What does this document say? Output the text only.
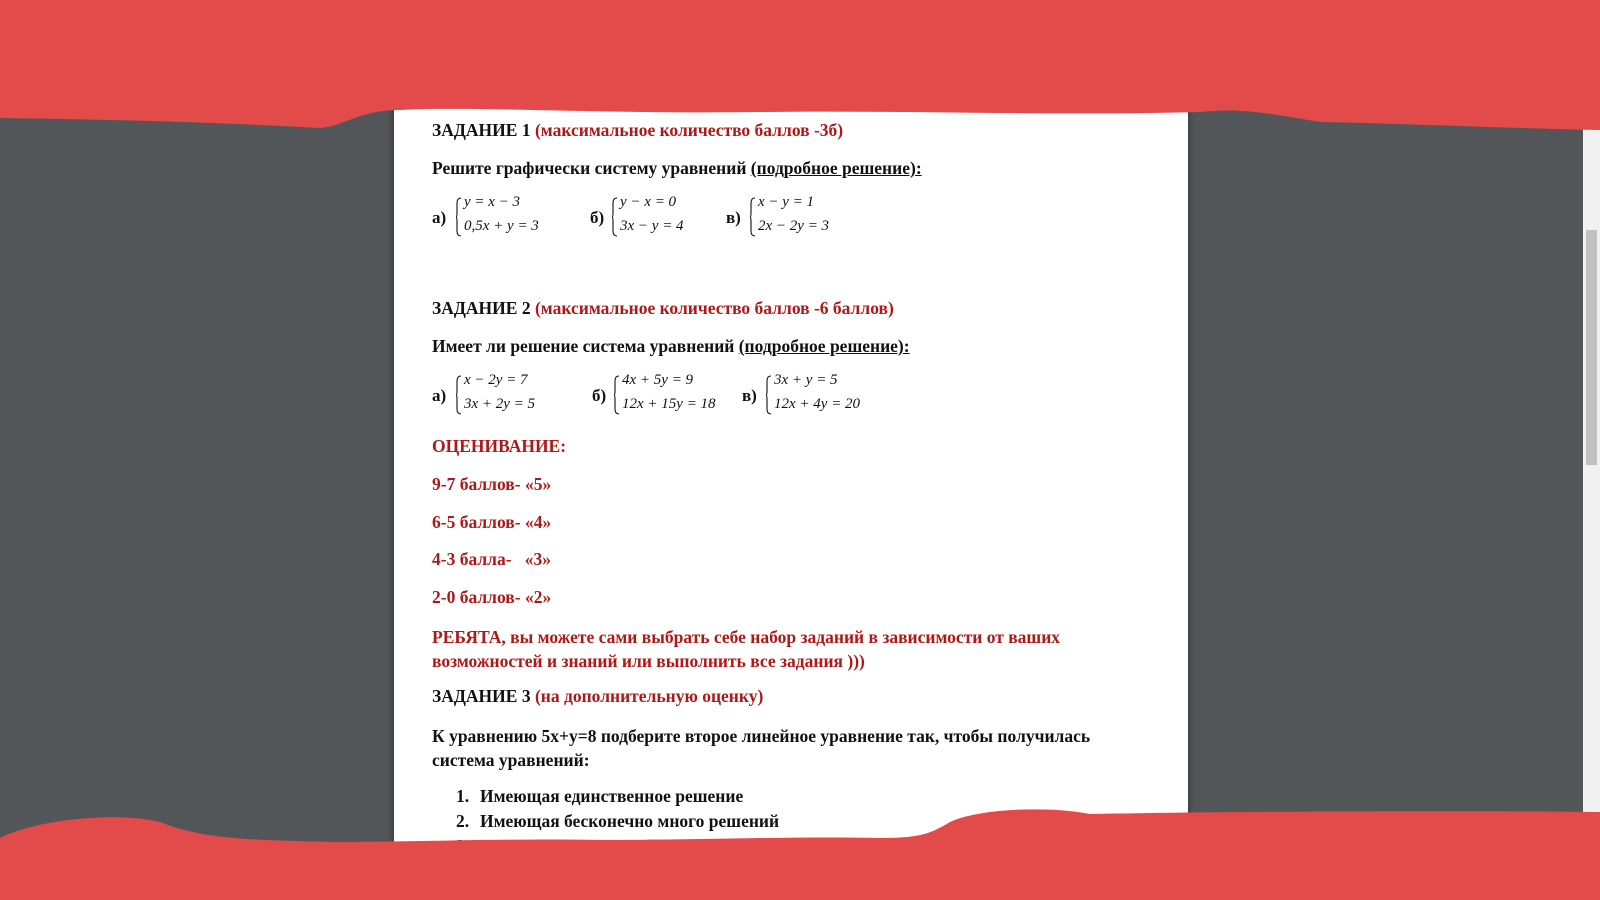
ЗАДАНИЕ 1 (максимальное количество баллов -3б)
Решите графически систему уравнений (подробное решение):
а)
y = x − 3
0,5x + y = 3	б)
y − x = 0
3x − y = 4 в)
x − y = 1
2x − 2y = 3
ЗАДАНИЕ 2 (максимальное количество баллов -6 баллов)
Имеет ли решение система уравнений (подробное решение):
а)
x − 2y = 7
3x + 2y = 5	б)
4x + 5y = 9
12x + 15y = 18 в)
3x + y = 5
12x + 4y = 20
ОЦЕНИВАНИЕ:
9-7 баллов- «5»
6-5 баллов- «4»
4-3 балла-   «3»
2-0 баллов- «2»
РЕБЯТА, вы можете сами выбрать себе набор заданий в зависимости от ваших возможностей и знаний или выполнить все задания )))
ЗАДАНИЕ 3 (на дополнительную оценку)
К уравнению 5x+y=8 подберите второе линейное уравнение так, чтобы получилась система уравнений:
1. Имеющая единственное решение
2. Имеющая бесконечно много решений
